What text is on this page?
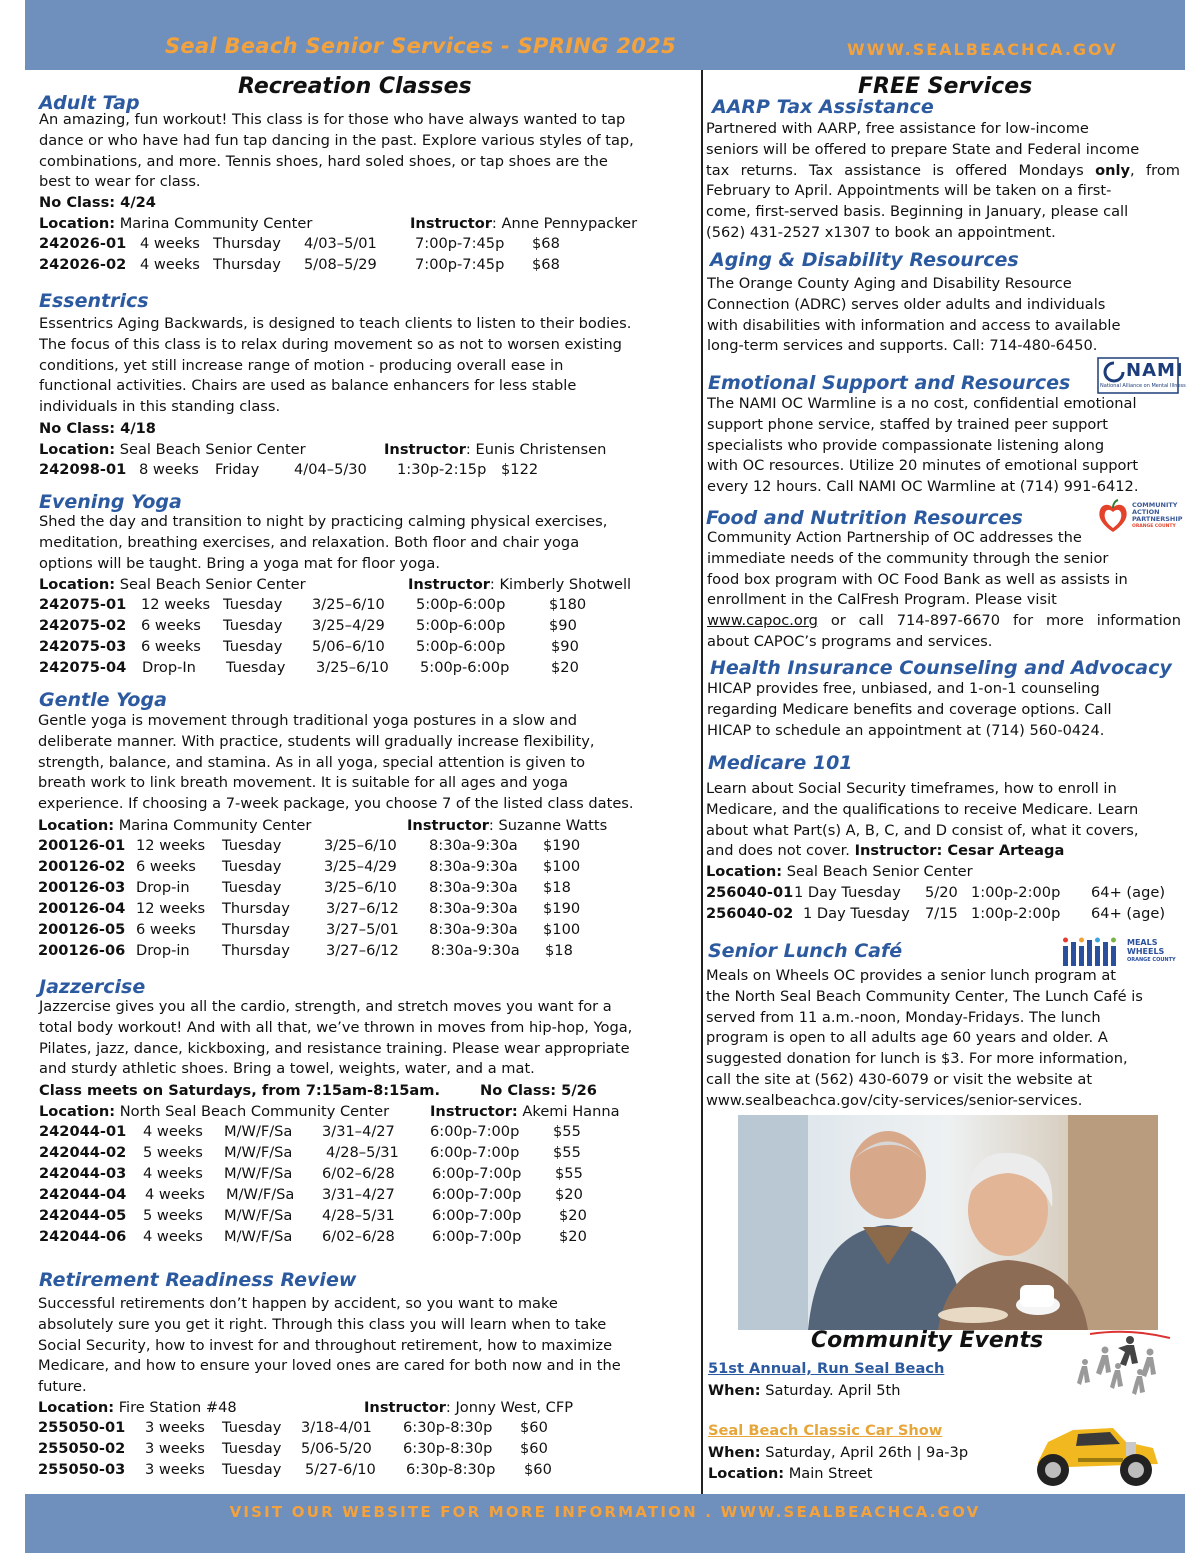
Seal Beach Senior Services - SPRING 2025	WWW.SEALBEACHCA.GOV
VISIT OUR WEBSITE FOR MORE INFORMATION . WWW.SEALBEACHCA.GOV
Recreation Classes
Adult Tap
An amazing, fun workout! This class is for those who have always wanted to tap
dance or who have had fun tap dancing in the past. Explore various styles of tap,
combinations, and more. Tennis shoes, hard soled shoes, or tap shoes are the
best to wear for class.
No Class: 4/24
Location: Marina Community Center	Instructor: Anne Pennypacker
242026-01 4 weeks Thursday 4/03–5/01	7:00p-7:45p $68
242026-02 4 weeks Thursday 5/08–5/29	7:00p-7:45p $68
Essentrics
Essentrics Aging Backwards, is designed to teach clients to listen to their bodies.
The focus of this class is to relax during movement so as not to worsen existing
conditions, yet still increase range of motion - producing overall ease in
functional activities. Chairs are used as balance enhancers for less stable
individuals in this standing class.
No Class: 4/18
Location: Seal Beach Senior Center	Instructor: Eunis Christensen
242098-01 8 weeks Friday 4/04–5/30 1:30p-2:15p $122
Evening Yoga
Shed the day and transition to night by practicing calming physical exercises,
meditation, breathing exercises, and relaxation. Both floor and chair yoga
options will be taught. Bring a yoga mat for floor yoga.
Location: Seal Beach Senior Center	Instructor: Kimberly Shotwell
242075-01 12 weeks Tuesday 3/25–6/10 5:00p-6:00p	$180
242075-02 6 weeks Tuesday 3/25–4/29 5:00p-6:00p	$90
242075-03 6 weeks Tuesday 5/06–6/10 5:00p-6:00p	$90
242075-04 Drop-In Tuesday 3/25–6/10 5:00p-6:00p	$20
Gentle Yoga
Gentle yoga is movement through traditional yoga postures in a slow and
deliberate manner. With practice, students will gradually increase flexibility,
strength, balance, and stamina. As in all yoga, special attention is given to
breath work to link breath movement. It is suitable for all ages and yoga
experience. If choosing a 7-week package, you choose 7 of the listed class dates.
Location: Marina Community Center	Instructor: Suzanne Watts
200126-01 12 weeks Tuesday	3/25–6/10 8:30a-9:30a $190
200126-02 6 weeks Tuesday	3/25–4/29 8:30a-9:30a $100
200126-03 Drop-in Tuesday	3/25–6/10 8:30a-9:30a $18
200126-04 12 weeks Thursday 3/27–6/12 8:30a-9:30a $190
200126-05 6 weeks Thursday 3/27–5/01 8:30a-9:30a $100
200126-06 Drop-in Thursday 3/27–6/12 8:30a-9:30a $18
Jazzercise
Jazzercise gives you all the cardio, strength, and stretch moves you want for a
total body workout! And with all that, we’ve thrown in moves from hip-hop, Yoga,
Pilates, jazz, dance, kickboxing, and resistance training. Please wear appropriate
and sturdy athletic shoes. Bring a towel, weights, water, and a mat.
Class meets on Saturdays, from 7:15am-8:15am.	No Class: 5/26
Location: North Seal Beach Community Center	Instructor: Akemi Hanna
242044-01 4 weeks M/W/F/Sa 3/31–4/27 6:00p-7:00p $55
242044-02 5 weeks M/W/F/Sa 4/28–5/31 6:00p-7:00p $55
242044-03 4 weeks M/W/F/Sa 6/02–6/28	6:00p-7:00p $55
242044-04 4 weeks M/W/F/Sa 3/31–4/27	6:00p-7:00p $20
242044-05 5 weeks M/W/F/Sa 4/28–5/31	6:00p-7:00p	$20
242044-06 4 weeks M/W/F/Sa 6/02–6/28	6:00p-7:00p	$20
Retirement Readiness Review
Successful retirements don’t happen by accident, so you want to make
absolutely sure you get it right. Through this class you will learn when to take
Social Security, how to invest for and throughout retirement, how to maximize
Medicare, and how to ensure your loved ones are cared for both now and in the
future.
Location: Fire Station #48	Instructor: Jonny West, CFP
255050-01 3 weeks Tuesday 3/18-4/01 6:30p-8:30p $60
255050-02 3 weeks Tuesday 5/06-5/20 6:30p-8:30p $60
255050-03 3 weeks Tuesday 5/27-6/10 6:30p-8:30p $60
FREE Services
AARP Tax Assistance
Partnered with AARP, free assistance for low-income
seniors will be offered to prepare State and Federal income
tax returns. Tax assistance is offered Mondays only, from
February to April. Appointments will be taken on a first-
come, first-served basis. Beginning in January, please call
(562) 431-2527 x1307 to book an appointment.
Aging & Disability Resources
The Orange County Aging and Disability Resource
Connection (ADRC) serves older adults and individuals
with disabilities with information and access to available
long-term services and supports. Call: 714-480-6450.
Emotional Support and Resources
NAMI
National Alliance on Mental Illness
The NAMI OC Warmline is a no cost, confidential emotional
support phone service, staffed by trained peer support
specialists who provide compassionate listening along
with OC resources. Utilize 20 minutes of emotional support
every 12 hours. Call NAMI OC Warmline at (714) 991-6412.
Food and Nutrition Resources
COMMUNITY
ACTION
PARTNERSHIP
ORANGE COUNTY
Community Action Partnership of OC addresses the
immediate needs of the community through the senior
food box program with OC Food Bank as well as assists in
enrollment in the CalFresh Program. Please visit
www.capoc.org or call 714-897-6670 for more information
about CAPOC’s programs and services.
Health Insurance Counseling and Advocacy
HICAP provides free, unbiased, and 1-on-1 counseling
regarding Medicare benefits and coverage options. Call
HICAP to schedule an appointment at (714) 560-0424.
Medicare 101
Learn about Social Security timeframes, how to enroll in
Medicare, and the qualifications to receive Medicare. Learn
about what Part(s) A, B, C, and D consist of, what it covers,
and does not cover. Instructor: Cesar Arteaga
Location: Seal Beach Senior Center
256040-01 1 Day Tuesday 5/20 1:00p-2:00p 64+ (age)
256040-02 1 Day Tuesday 7/15 1:00p-2:00p 64+ (age)
Senior Lunch Café	MEALS
WHEELS
ORANGE COUNTY
Meals on Wheels OC provides a senior lunch program at
the North Seal Beach Community Center, The Lunch Café is
served from 11 a.m.-noon, Monday-Fridays. The lunch
program is open to all adults age 60 years and older. A
suggested donation for lunch is $3. For more information,
call the site at (562) 430-6079 or visit the website at
www.sealbeachca.gov/city-services/senior-services.
Community Events
51st Annual, Run Seal Beach
When: Saturday. April 5th
Seal Beach Classic Car Show
When: Saturday, April 26th | 9a-3p
Location: Main Street
